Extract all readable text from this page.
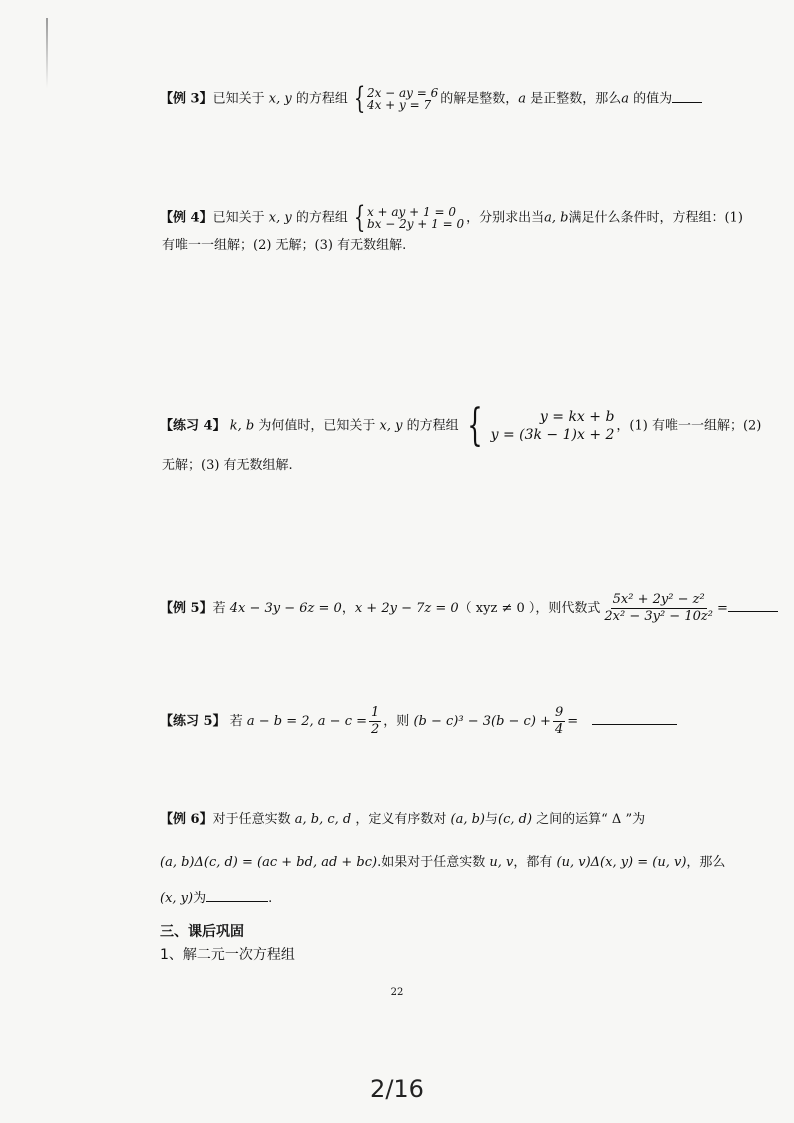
【例 3】已知关于 x, y 的方程组 { 2x − ay = 6
4x + y = 7 的解是整数，a 是正整数，那么a 的值为
【例 4】已知关于 x, y 的方程组 { x + ay + 1 = 0
bx − 2y + 1 = 0 ，分别求出当a, b满足什么条件时，方程组：(1)
有唯一一组解；(2) 无解；(3) 有无数组解.
【练习 4】 k, b 为何值时，已知关于 x, y 的方程组 {	y = kx + b
y = (3k − 1)x + 2
，(1) 有唯一一组解；(2)
无解；(3) 有无数组解.
【例 5】若 4x − 3y − 6z = 0，x + 2y − 7z = 0（ xyz ≠ 0 ），则代数式 $\frac{\text{5x² + 2y² − z²}}{\text{2x² − 3y² − 10z²}}$ =
【练习 5】 若 a − b = 2, $a - c = \frac{1}{2}$ ，则 $(b - c)^3 - 3(b - c) + \frac{9}{4}$ =
【例 6】对于任意实数 a, b, c, d ，定义有序数对 (a, b)与(c, d) 之间的运算“ Δ ”为
(a, b)Δ(c, d) = (ac + bd, ad + bc).如果对于任意实数 u, v，都有 (u, v)Δ(x, y) = (u, v)，那么
(x, y)为	.
三、课后巩固
1、解二元一次方程组
22
2/16
